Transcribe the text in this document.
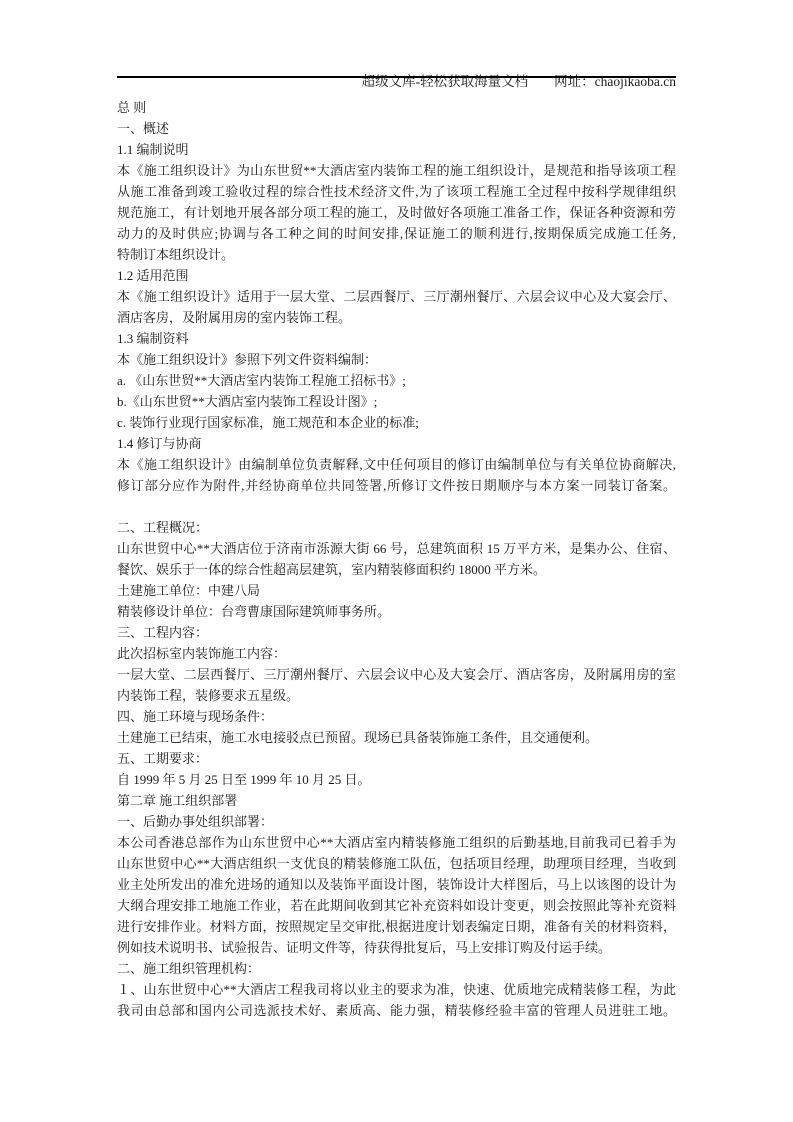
超级文库-轻松获取海量文档 网址：chaojikaoba.cn

总 则
一、概述
1.1 编制说明
本《施工组织设计》为山东世贸**大酒店室内装饰工程的施工组织设计，是规范和指导该项工程
从施工准备到竣工验收过程的综合性技术经济文件,为了该项工程施工全过程中按科学规律组织
规范施工，有计划地开展各部分项工程的施工，及时做好各项施工准备工作，保证各种资源和劳
动力的及时供应;协调与各工种之间的时间安排,保证施工的顺利进行,按期保质完成施工任务,
特制订本组织设计。
1.2 适用范围
本《施工组织设计》适用于一层大堂、二层西餐厅、三厅潮州餐厅、六层会议中心及大宴会厅、
酒店客房，及附属用房的室内装饰工程。
1.3 编制资料
本《施工组织设计》参照下列文件资料编制：
a. 《山东世贸**大酒店室内装饰工程施工招标书》;
b.《山东世贸**大酒店室内装饰工程设计图》;
c. 装饰行业现行国家标准，施工规范和本企业的标准;
1.4 修订与协商
本《施工组织设计》由编制单位负责解释,文中任何项目的修订由编制单位与有关单位协商解决,
修订部分应作为附件,并经协商单位共同签署,所修订文件按日期顺序与本方案一同装订备案。

二、工程概况：
山东世贸中心**大酒店位于济南市泺源大街 66 号，总建筑面积 15 万平方米，是集办公、住宿、
餐饮、娱乐于一体的综合性超高层建筑，室内精装修面积约 18000 平方米。
土建施工单位：中建八局
精装修设计单位：台弯曹康国际建筑师事务所。
三、工程内容：
此次招标室内装饰施工内容：
一层大堂、二层西餐厅、三厅潮州餐厅、六层会议中心及大宴会厅、酒店客房，及附属用房的室
内装饰工程，装修要求五星级。
四、施工环境与现场条件：
土建施工已结束，施工水电接驳点已预留。现场已具备装饰施工条件，且交通便利。
五、工期要求：
自 1999 年 5 月 25 日至 1999 年 10 月 25 日。
第二章 施工组织部署
一、后勤办事处组织部署：
本公司香港总部作为山东世贸中心**大酒店室内精装修施工组织的后勤基地,目前我司已着手为
山东世贸中心**大酒店组织一支优良的精装修施工队伍，包括项目经理，助理项目经理，当收到
业主处所发出的准允进场的通知以及装饰平面设计图，装饰设计大样图后，马上以该图的设计为
大纲合理安排工地施工作业，若在此期间收到其它补充资料如设计变更，则会按照此等补充资料
进行安排作业。材料方面，按照规定呈交审批,根据进度计划表编定日期，准备有关的材料资料，
例如技术说明书、试验报告、证明文件等，待获得批复后，马上安排订购及付运手续。
二、施工组织管理机构：
１、山东世贸中心**大酒店工程我司将以业主的要求为准，快速、优质地完成精装修工程，为此
我司由总部和国内公司选派技术好、素质高、能力强，精装修经验丰富的管理人员进驻工地。
